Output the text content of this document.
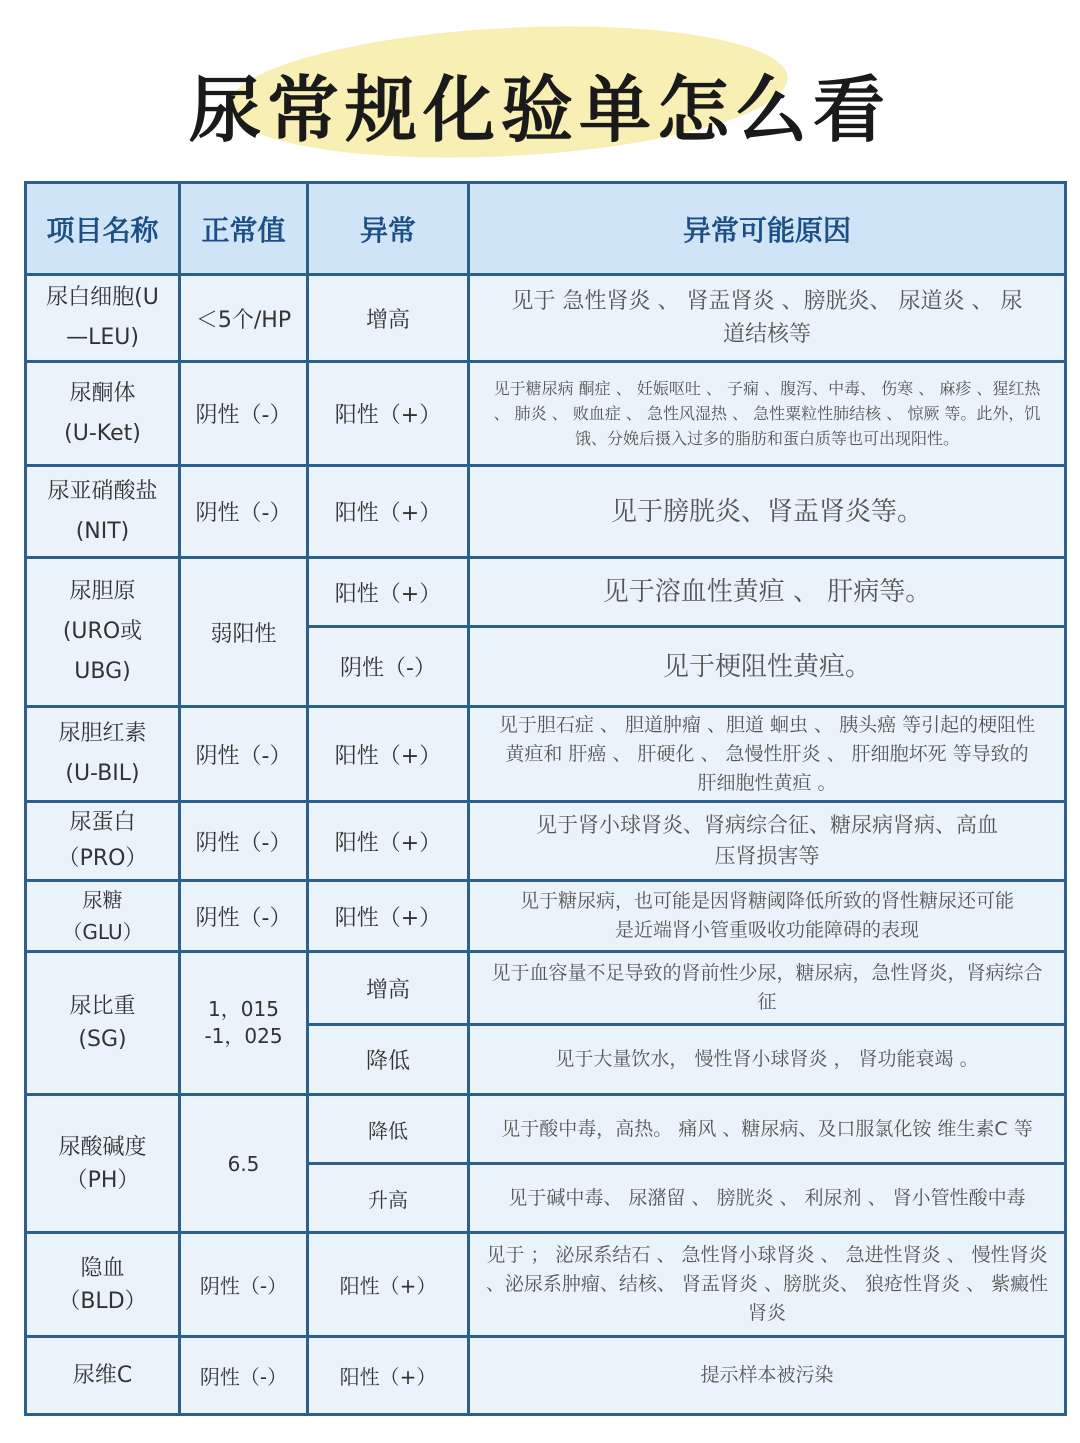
尿常规化验单怎么看
项目名称	正常值	异常	异常可能原因

尿白细胞(U
—LEU)	＜5个/HP	增高	见于 急性肾炎 、 肾盂肾炎 、膀胱炎、 尿道炎 、 尿道结核等

尿酮体
(U-Ket)	阴性（-）	阳性（+）	见于糖尿病 酮症 、 妊娠呕吐 、 子痫 、腹泻、中毒、 伤寒 、 麻疹 、猩红热 、 肺炎 、 败血症 、 急性风湿热 、 急性粟粒性肺结核 、 惊厥 等。此外，饥饿、分娩后摄入过多的脂肪和蛋白质等也可出现阳性。

尿亚硝酸盐
(NIT)	阴性（-）	阳性（+）	见于膀胱炎、肾盂肾炎等。

尿胆原
(URO或
UBG)	弱阳性	阳性（+）	见于溶血性黄疸 、 肝病等。
		阴性（-）	见于梗阻性黄疸。

尿胆红素
(U-BIL)	阴性（-）	阳性（+）	见于胆石症 、 胆道肿瘤 、胆道 蛔虫 、 胰头癌 等引起的梗阻性黄疸和 肝癌 、 肝硬化 、 急慢性肝炎 、 肝细胞坏死 等导致的 肝细胞性黄疸 。

尿蛋白
（PRO）	阴性（-）	阳性（+）	见于肾小球肾炎、肾病综合征、糖尿病肾病、高血压肾损害等

尿糖
（GLU）	阴性（-）	阳性（+）	见于糖尿病，也可能是因肾糖阈降低所致的肾性糖尿还可能是近端肾小管重吸收功能障碍的表现

尿比重
(SG)	1，015 -1，025	增高	见于血容量不足导致的肾前性少尿，糖尿病，急性肾炎，肾病综合征
		降低	见于大量饮水， 慢性肾小球肾炎 ， 肾功能衰竭 。

尿酸碱度
（PH）	6.5	降低	见于酸中毒，高热。 痛风 、糖尿病、及口服氯化铵 维生素C 等
		升高	见于碱中毒、 尿潴留 、 膀胱炎 、 利尿剂 、 肾小管性酸中毒

隐血
（BLD）	阴性（-）	阳性（+）	见于 ； 泌尿系结石 、 急性肾小球肾炎 、 急进性肾炎 、 慢性肾炎 、泌尿系肿瘤、结核、 肾盂肾炎 、膀胱炎、 狼疮性肾炎 、 紫癜性肾炎

尿维C	阴性（-）	阳性（+）	提示样本被污染
